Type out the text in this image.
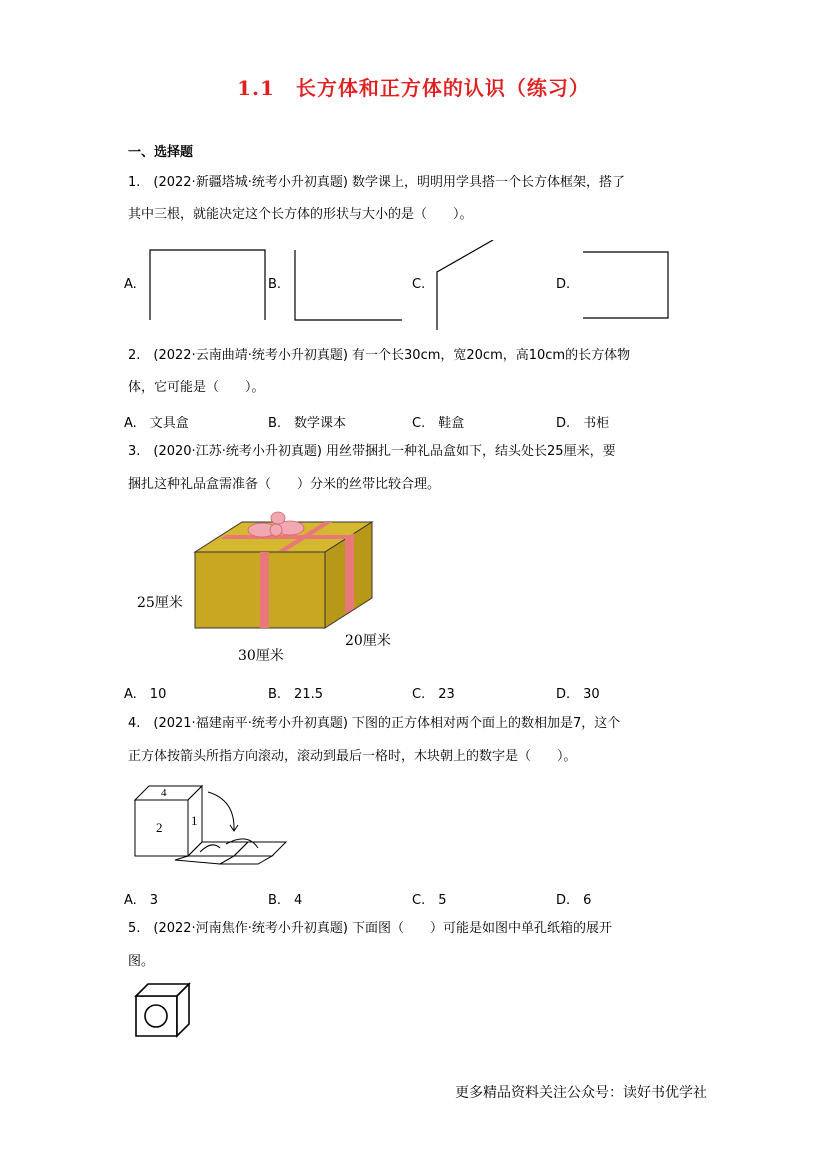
1.1　长方体和正方体的认识（练习）
一、选择题
1.　(2022·新疆塔城·统考小升初真题) 数学课上，明明用学具搭一个长方体框架，搭了
其中三根，就能决定这个长方体的形状与大小的是（　　）。
A.	B.	C.	D.
2.　(2022·云南曲靖·统考小升初真题) 有一个长30cm，宽20cm，高10cm的长方体物
体，它可能是（　　）。
A.　文具盒	B.　数学课本	C.　鞋盒	D.　书柜
3.　(2020·江苏·统考小升初真题) 用丝带捆扎一种礼品盒如下，结头处长25厘米，要
捆扎这种礼品盒需准备（　　）分米的丝带比较合理。
25厘米
30厘米
20厘米
A.　10	B.　21.5	C.　23	D.　30
4.　(2021·福建南平·统考小升初真题) 下图的正方体相对两个面上的数相加是7，这个
正方体按箭头所指方向滚动，滚动到最后一格时，木块朝上的数字是（　　）。
4
2 1
A.　3	B.　4	C.　5	D.　6
5.　(2022·河南焦作·统考小升初真题) 下面图（　　）可能是如图中单孔纸箱的展开
图。
更多精品资料关注公众号：读好书优学社
